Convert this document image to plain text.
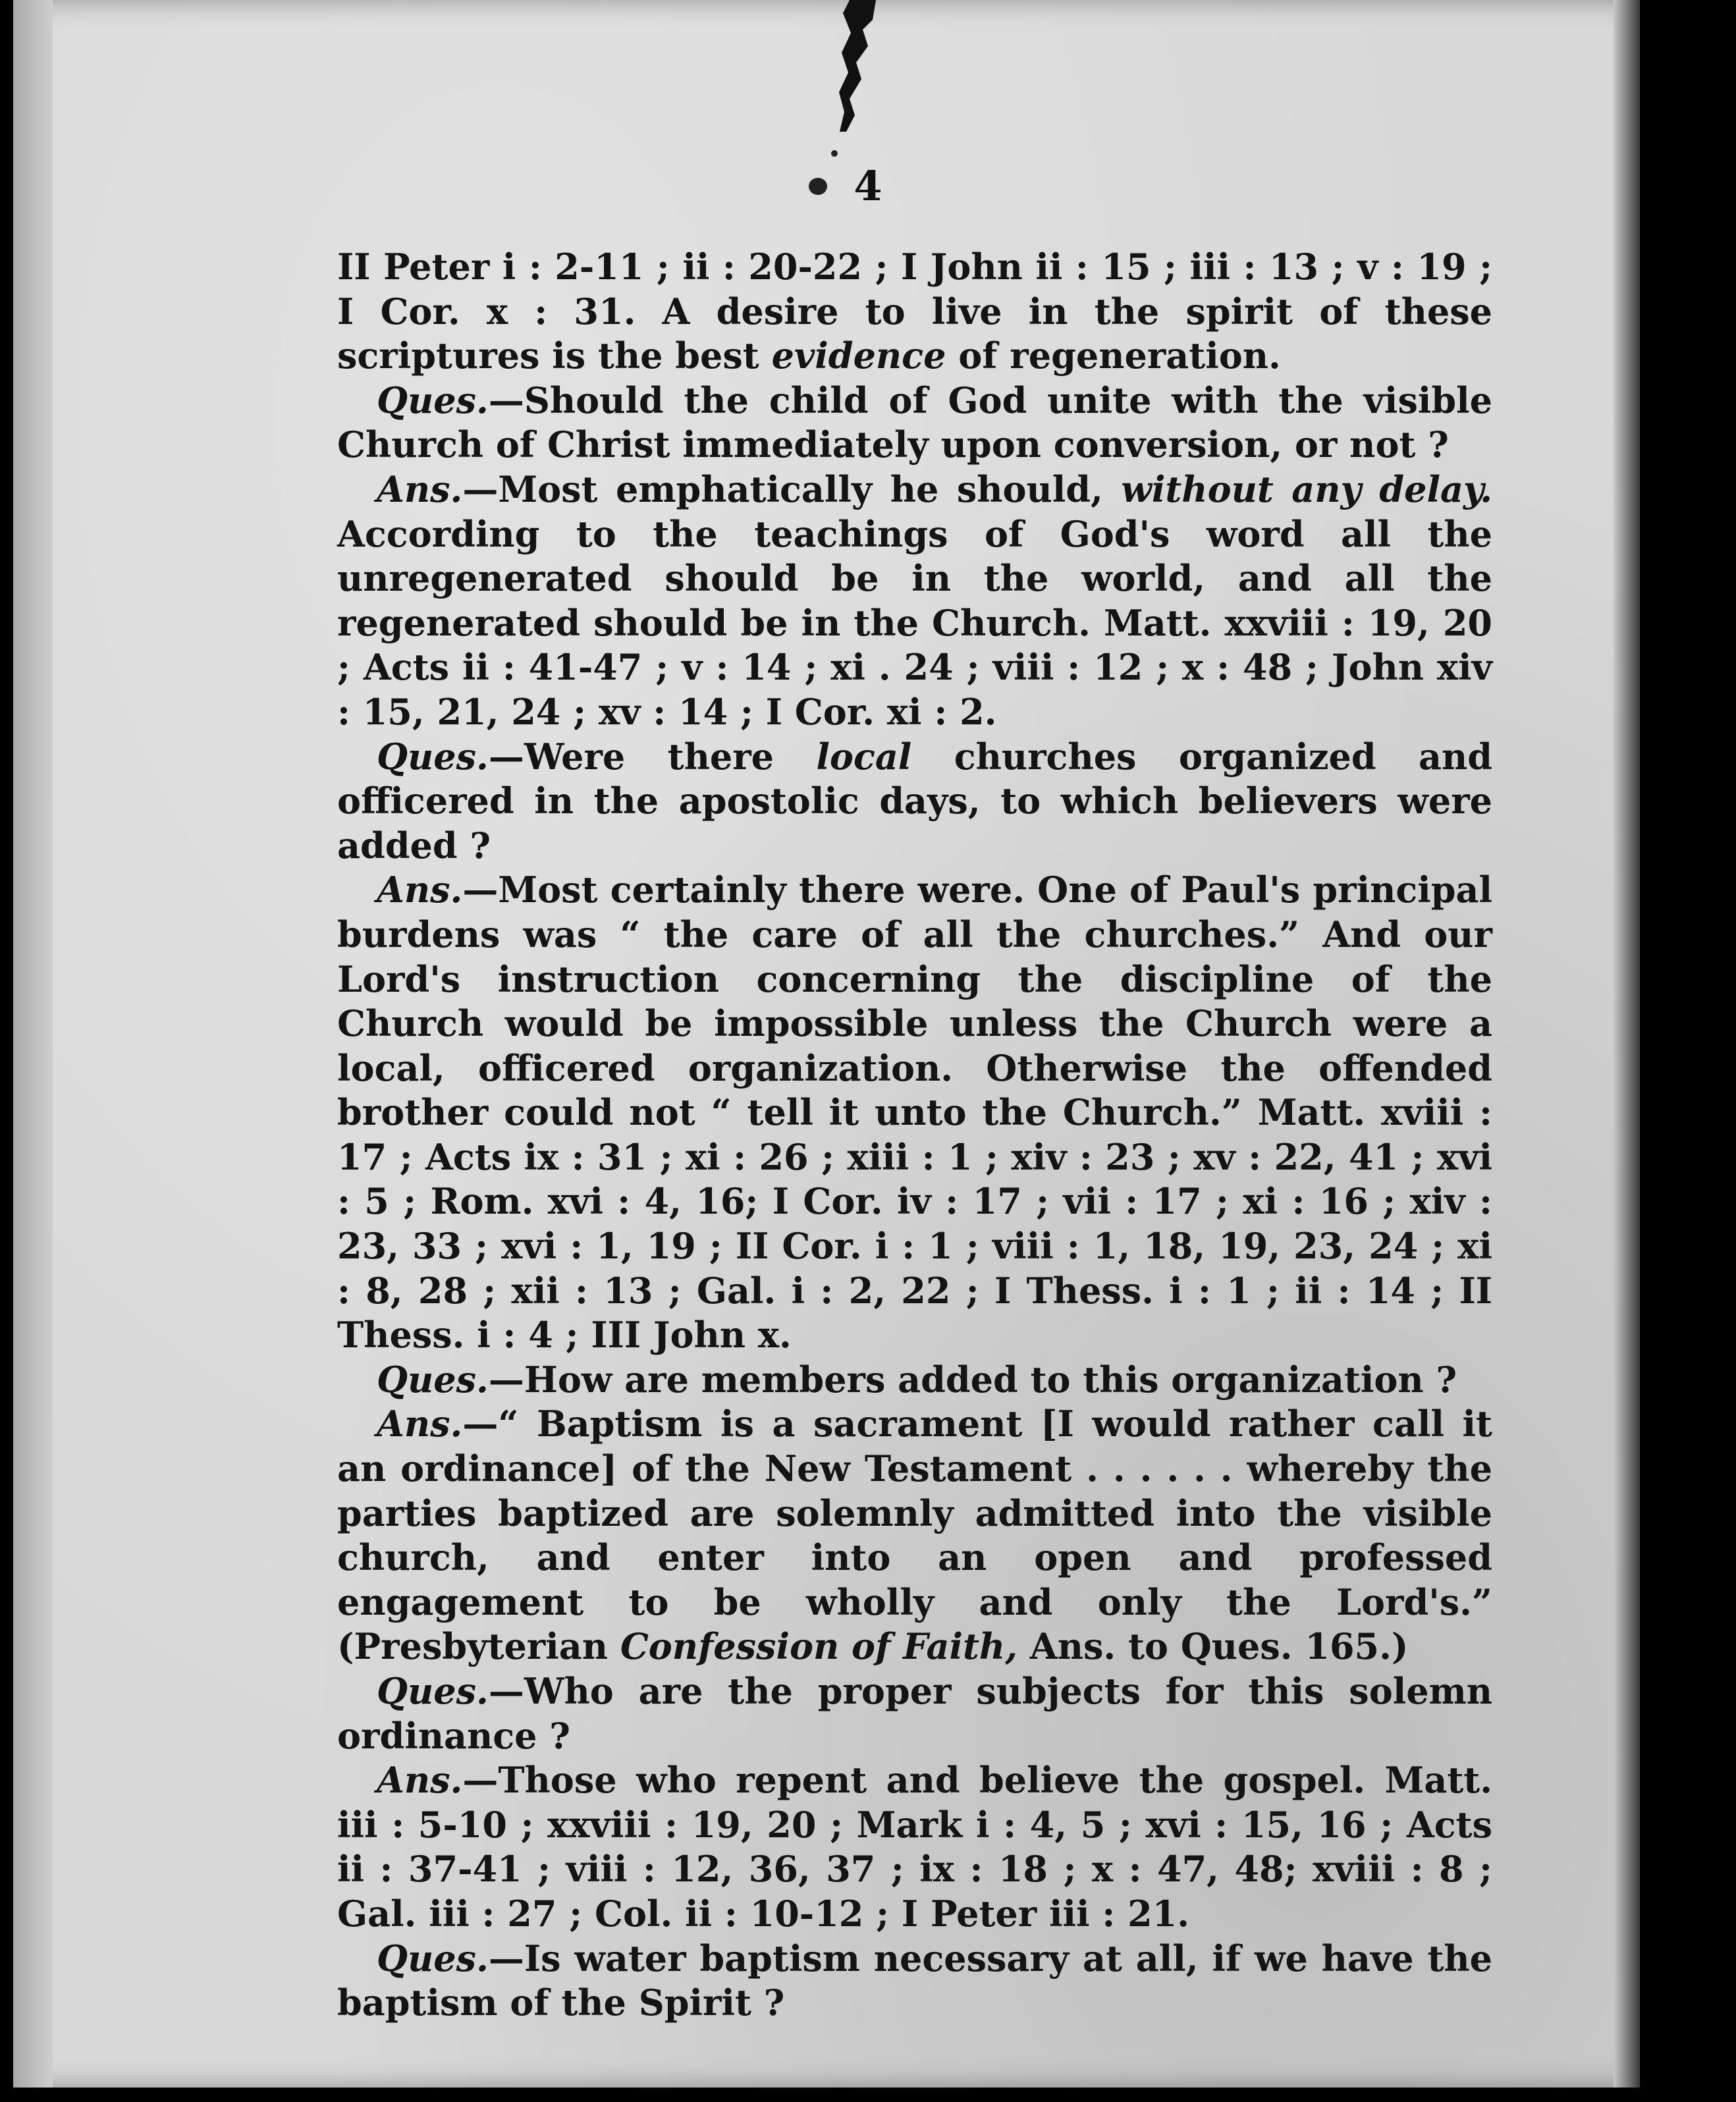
4

II Peter i : 2-11 ; ii : 20-22 ; I John ii : 15 ; iii : 13 ; v : 19 ; I Cor. x : 31. A desire to live in the spirit of these scriptures is the best evidence of regeneration.

Ques.—Should the child of God unite with the visible Church of Christ immediately upon conversion, or not ?

Ans.—Most emphatically he should, without any delay. According to the teachings of God's word all the unregenerated should be in the world, and all the regenerated should be in the Church. Matt. xxviii : 19, 20 ; Acts ii : 41-47 ; v : 14 ; xi . 24 ; viii : 12 ; x : 48 ; John xiv : 15, 21, 24 ; xv : 14 ; I Cor. xi : 2.

Ques.—Were there local churches organized and officered in the apostolic days, to which believers were added ?

Ans.—Most certainly there were. One of Paul's principal burdens was “ the care of all the churches.” And our Lord's instruction concerning the discipline of the Church would be impossible unless the Church were a local, officered organization. Otherwise the offended brother could not “ tell it unto the Church.” Matt. xviii : 17 ; Acts ix : 31 ; xi : 26 ; xiii : 1 ; xiv : 23 ; xv : 22, 41 ; xvi : 5 ; Rom. xvi : 4, 16; I Cor. iv : 17 ; vii : 17 ; xi : 16 ; xiv : 23, 33 ; xvi : 1, 19 ; II Cor. i : 1 ; viii : 1, 18, 19, 23, 24 ; xi : 8, 28 ; xii : 13 ; Gal. i : 2, 22 ; I Thess. i : 1 ; ii : 14 ; II Thess. i : 4 ; III John x.

Ques.—How are members added to this organization ?

Ans.—“ Baptism is a sacrament [I would rather call it an ordinance] of the New Testament . . . . . . whereby the parties baptized are solemnly admitted into the visible church, and enter into an open and professed engagement to be wholly and only the Lord's.” (Presbyterian Confession of Faith, Ans. to Ques. 165.)

Ques.—Who are the proper subjects for this solemn ordinance ?

Ans.—Those who repent and believe the gospel. Matt. iii : 5-10 ; xxviii : 19, 20 ; Mark i : 4, 5 ; xvi : 15, 16 ; Acts ii : 37-41 ; viii : 12, 36, 37 ; ix : 18 ; x : 47, 48; xviii : 8 ; Gal. iii : 27 ; Col. ii : 10-12 ; I Peter iii : 21.

Ques.—Is water baptism necessary at all, if we have the baptism of the Spirit ?
